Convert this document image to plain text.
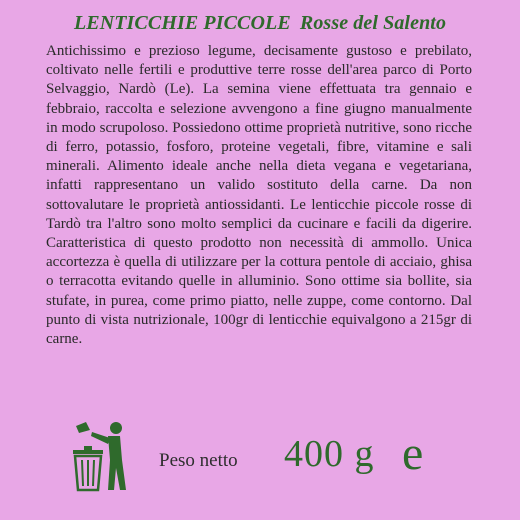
LENTICCHIE PICCOLE Rosse del Salento
Antichissimo e prezioso legume, decisamente gustoso e prebilato, coltivato nelle fertili e produttive terre rosse dell'area parco di Porto Selvaggio, Nardò (Le). La semina viene effettuata tra gennaio e febbraio, raccolta e selezione avvengono a fine giugno manualmente in modo scrupoloso. Possiedono ottime proprietà nutritive, sono ricche di ferro, potassio, fosforo, proteine vegetali, fibre, vitamine e sali minerali. Alimento ideale anche nella dieta vegana e vegetariana, infatti rappresentano un valido sostituto della carne. Da non sottovalutare le proprietà antiossidanti. Le lenticchie piccole rosse di Tardò tra l'altro sono molto semplici da cucinare e facili da digerire. Caratteristica di questo prodotto non necessità di ammollo. Unica accortezza è quella di utilizzare per la cottura pentole di acciaio, ghisa o terracotta evitando quelle in alluminio. Sono ottime sia bollite, sia stufate, in purea, come primo piatto, nelle zuppe, come contorno. Dal punto di vista nutrizionale, 100gr di lenticchie equivalgono a 215gr di carne.
Peso netto 400 g e
